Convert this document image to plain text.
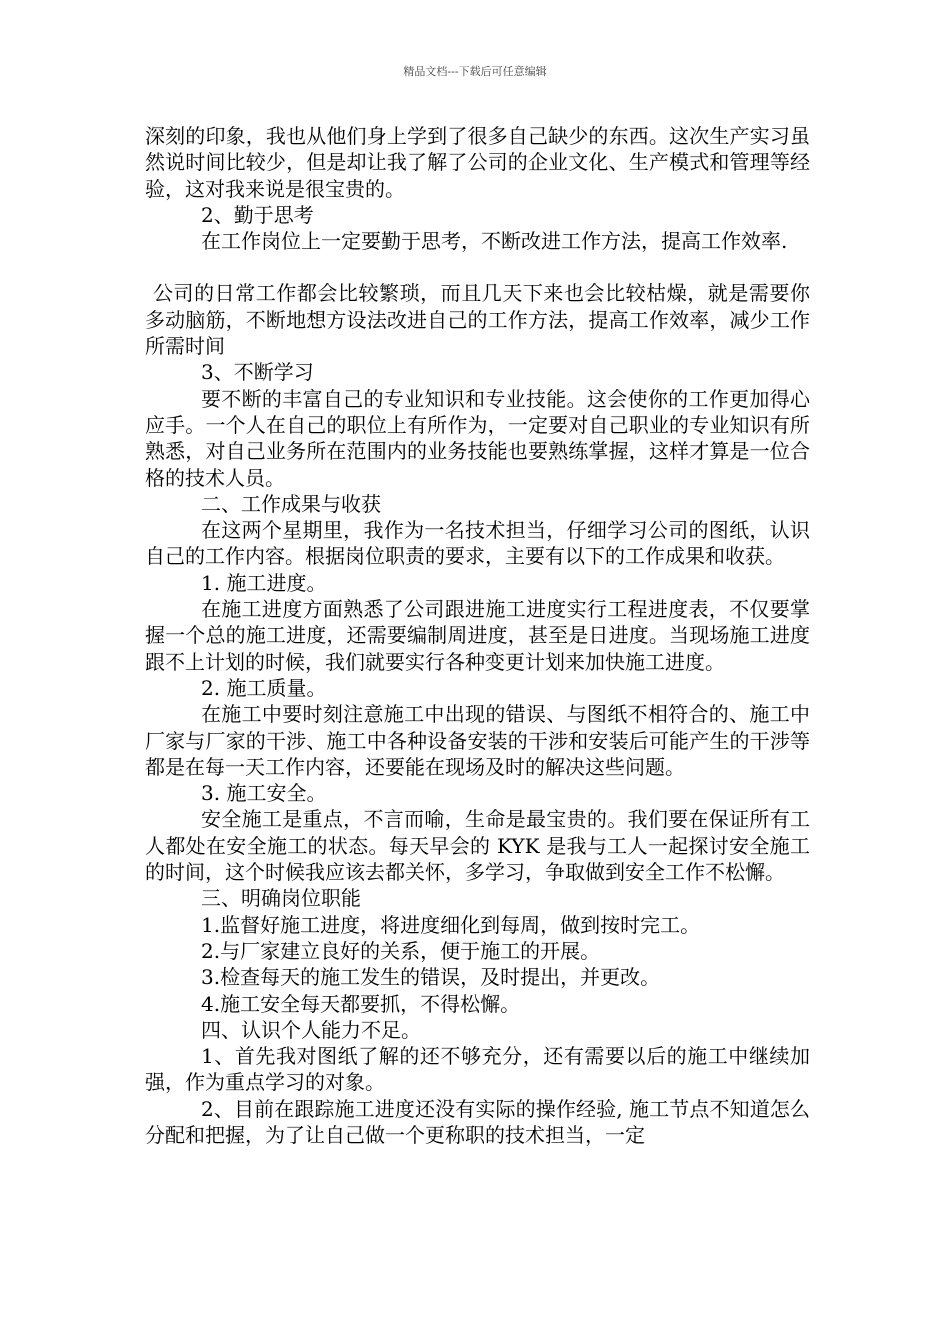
精品文档---下载后可任意编辑

深刻的印象，我也从他们身上学到了很多自己缺少的东西。这次生产实习虽然说时间比较少，但是却让我了解了公司的企业文化、生产模式和管理等经验，这对我来说是很宝贵的。

2、勤于思考

在工作岗位上一定要勤于思考，不断改进工作方法，提高工作效率.

公司的日常工作都会比较繁琐，而且几天下来也会比较枯燥，就是需要你多动脑筋，不断地想方设法改进自己的工作方法，提高工作效率，减少工作所需时间

3、不断学习

要不断的丰富自己的专业知识和专业技能。这会使你的工作更加得心应手。一个人在自己的职位上有所作为，一定要对自己职业的专业知识有所熟悉，对自己业务所在范围内的业务技能也要熟练掌握，这样才算是一位合格的技术人员。

二、工作成果与收获

在这两个星期里，我作为一名技术担当，仔细学习公司的图纸，认识自己的工作内容。根据岗位职责的要求，主要有以下的工作成果和收获。

1. 施工进度。

在施工进度方面熟悉了公司跟进施工进度实行工程进度表，不仅要掌握一个总的施工进度，还需要编制周进度，甚至是日进度。当现场施工进度跟不上计划的时候，我们就要实行各种变更计划来加快施工进度。

2. 施工质量。

在施工中要时刻注意施工中出现的错误、与图纸不相符合的、施工中厂家与厂家的干涉、施工中各种设备安装的干涉和安装后可能产生的干涉等都是在每一天工作内容，还要能在现场及时的解决这些问题。

3. 施工安全。

安全施工是重点，不言而喻，生命是最宝贵的。我们要在保证所有工人都处在安全施工的状态。每天早会的 KYK 是我与工人一起探讨安全施工的时间，这个时候我应该去都关怀，多学习，争取做到安全工作不松懈。

三、明确岗位职能

1.监督好施工进度，将进度细化到每周，做到按时完工。

2.与厂家建立良好的关系，便于施工的开展。

3.检查每天的施工发生的错误，及时提出，并更改。

4.施工安全每天都要抓，不得松懈。

四、认识个人能力不足。

1、首先我对图纸了解的还不够充分，还有需要以后的施工中继续加强，作为重点学习的对象。

2、目前在跟踪施工进度还没有实际的操作经验, 施工节点不知道怎么分配和把握，为了让自己做一个更称职的技术担当，一定
